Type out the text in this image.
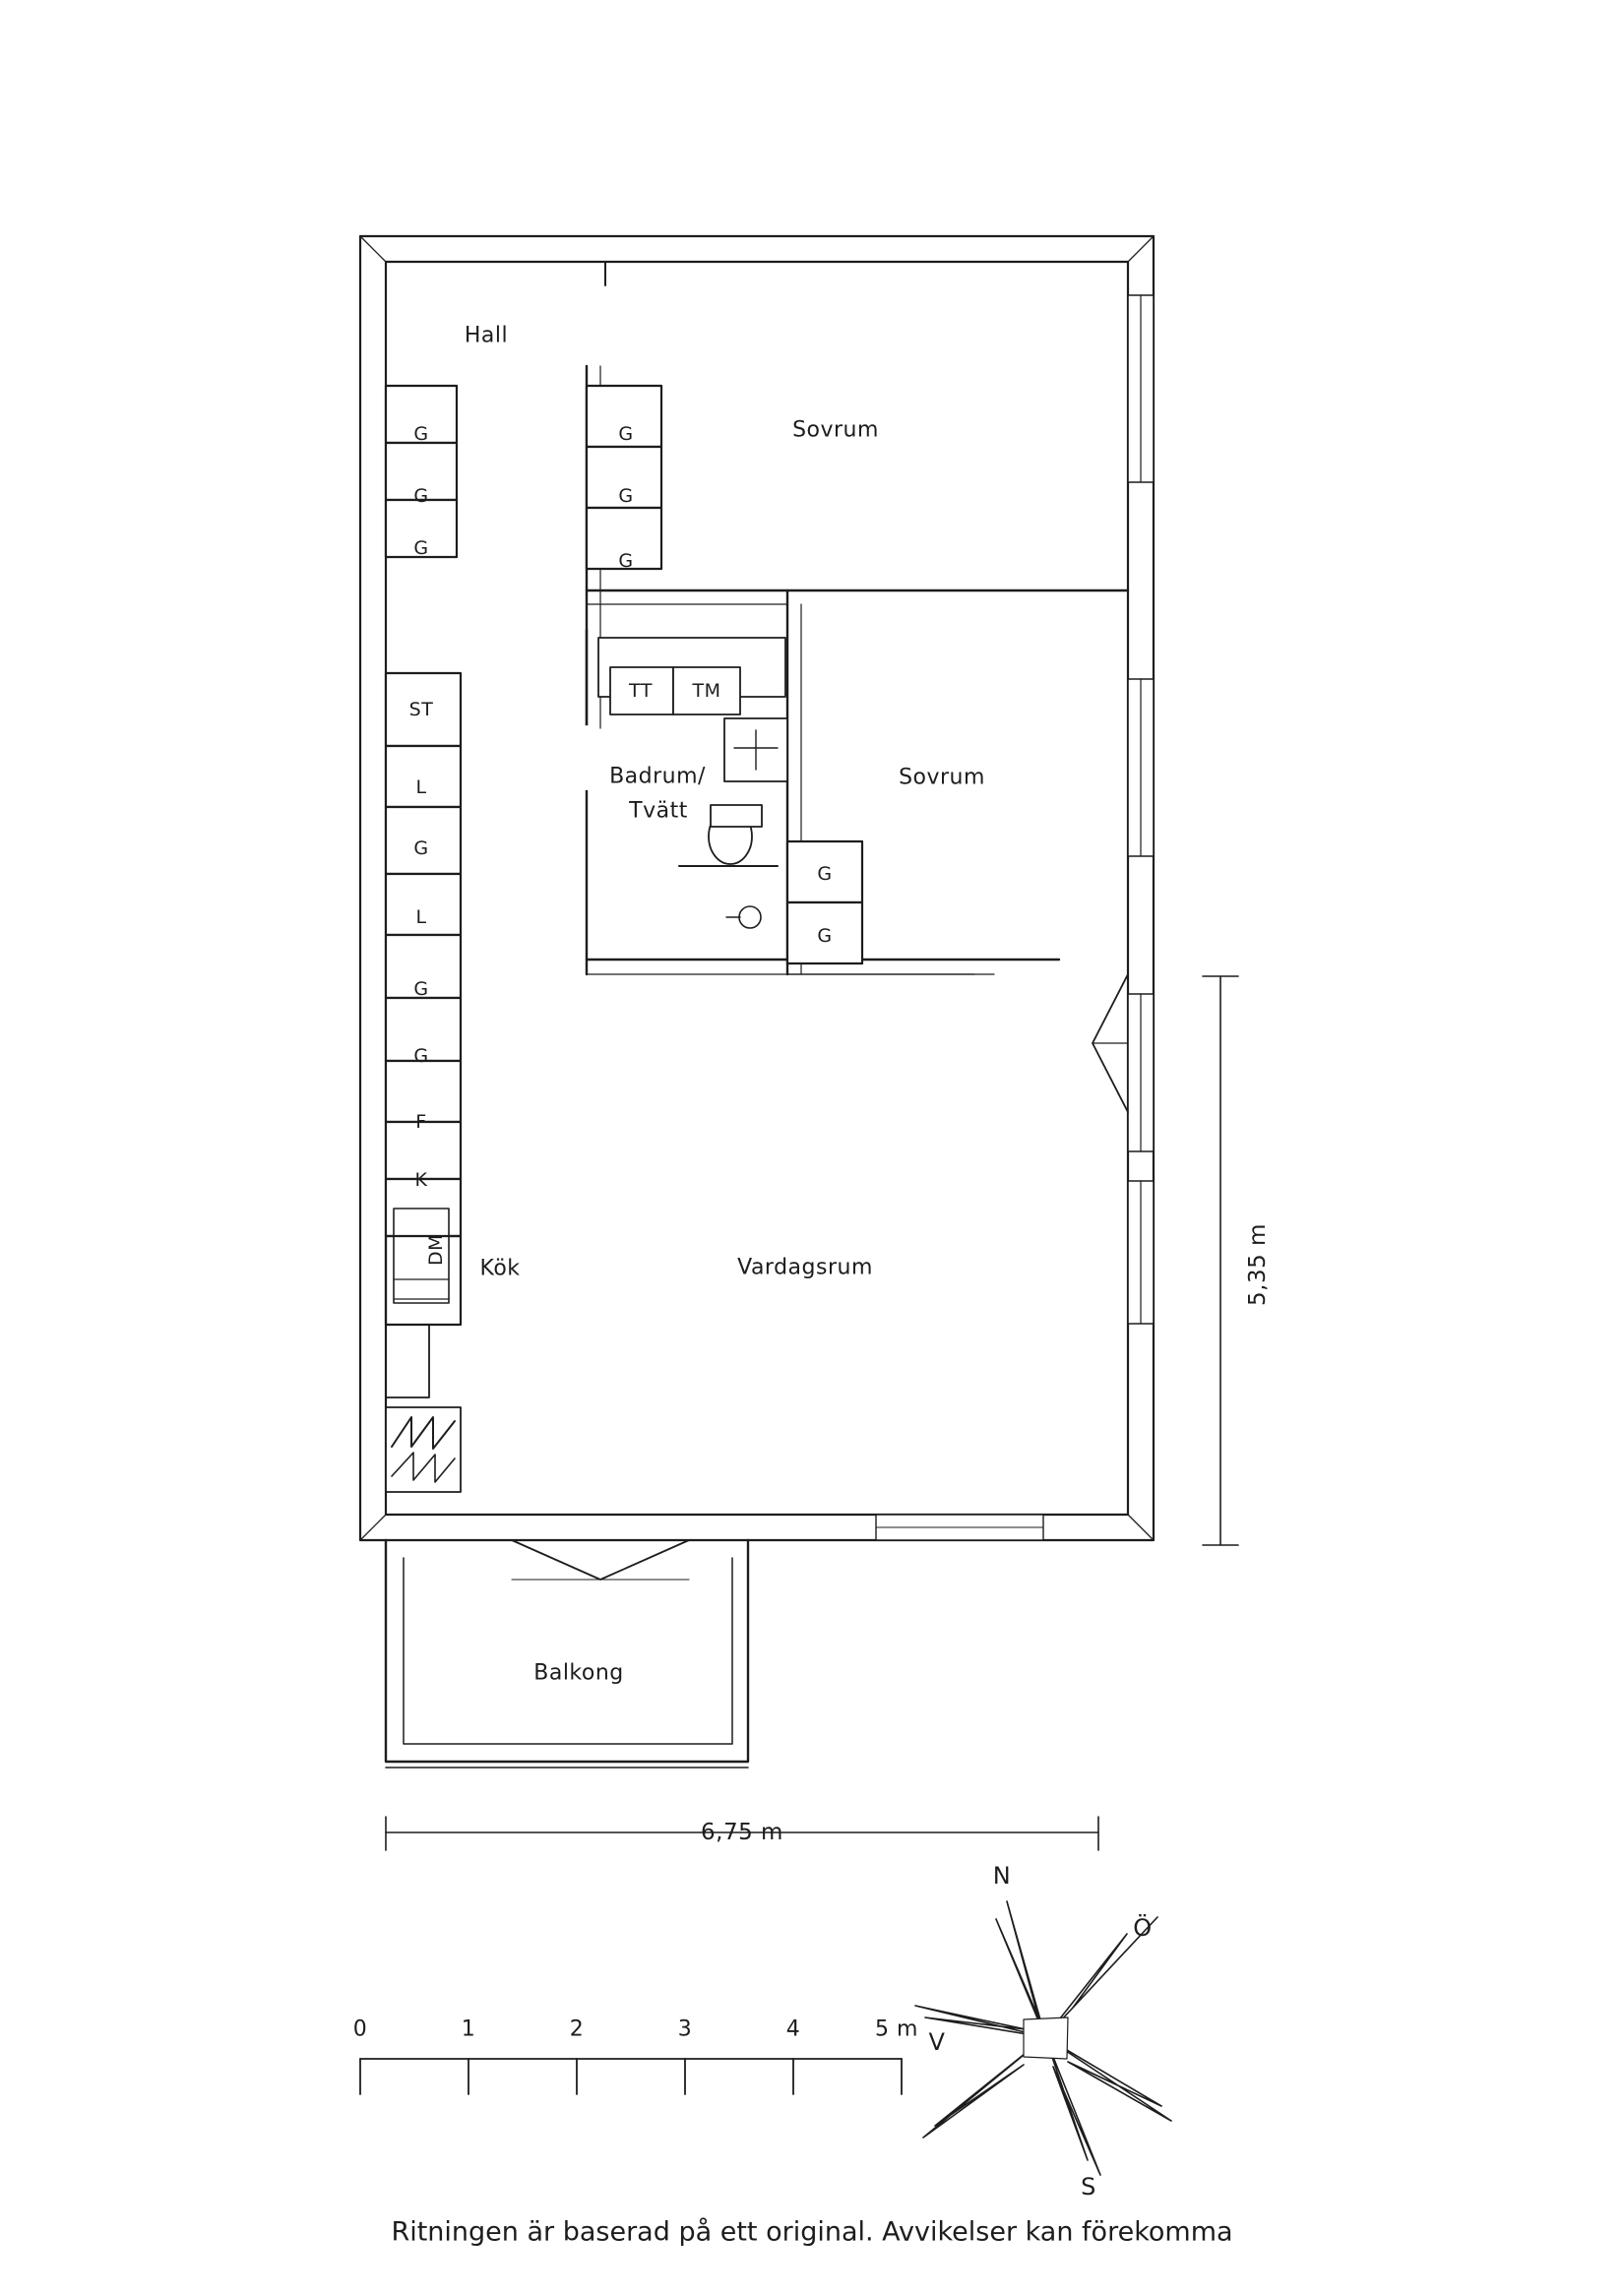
Hall
Sovrum
Sovrum
Badrum/
Tvätt
Kök	Vardagsrum
Balkong
G
G
G
ST
L
G
L
G
G
F
K
DM
G
G
G
TT TM
G
G
5,35 m
6,75 m
0	1	2	3	4	5 m
N
Ö
S
V
Ritningen är baserad på ett original. Avvikelser kan förekomma
